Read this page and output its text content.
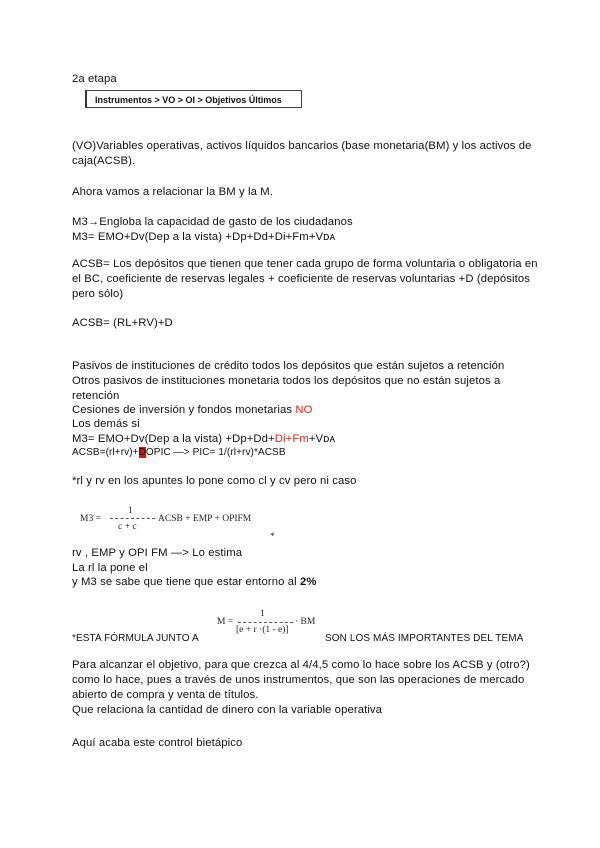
2a etapa
Instrumentos > VO > OI > Objetivos Últimos
(VO)Variables operativas, activos líquidos bancarios (base monetaria(BM) y los activos de
caja(ACSB).
Ahora vamos a relacionar la BM y la M.
M3→Engloba la capacidad de gasto de los ciudadanos
M3= EMO+Dv(Dep a la vista) +Dp+Dd+Di+Fm+Vᴅᴀ
ACSB= Los depósitos que tienen que tener cada grupo de forma voluntaria o obligatoria en
el BC, coeficiente de reservas legales + coeficiente de reservas voluntarias +D (depósitos
pero sólo)
ACSB= (RL+RV)+D
Pasivos de instituciones de crédito todos los depósitos que están sujetos a retención
Otros pasivos de instituciones monetaria todos los depósitos que no están sujetos a
retención
Cesiones de inversión y fondos monetarias NO
Los demás si
M3= EMO+Dv(Dep a la vista) +Dp+Dd+Di+Fm+Vᴅᴀ
ACSB=(rl+rv)+DOPIC —> PIC= 1/(rl+rv)*ACSB
*rl y rv en los apuntes lo pone como cl y cv pero ni caso
M3 =
1
c + c
ACSB + EMP + OPIFM
*
rv , EMP y OPI FM —> Lo estima
La rl la pone el
y M3 se sabe que tiene que estar entorno al 2%
M =
1
[e + r ·(1 - e)]
· BM
*ESTA FÓRMULA JUNTO A	SON LOS MÁS IMPORTANTES DEL TEMA
Para alcanzar el objetivo, para que crezca al 4/4,5 como lo hace sobre los ACSB y (otro?)
como lo hace, pues a través de unos instrumentos, que son las operaciones de mercado
abierto de compra y venta de títulos.
Que relaciona la cantidad de dinero con la variable operativa
Aquí acaba este control bietápico
